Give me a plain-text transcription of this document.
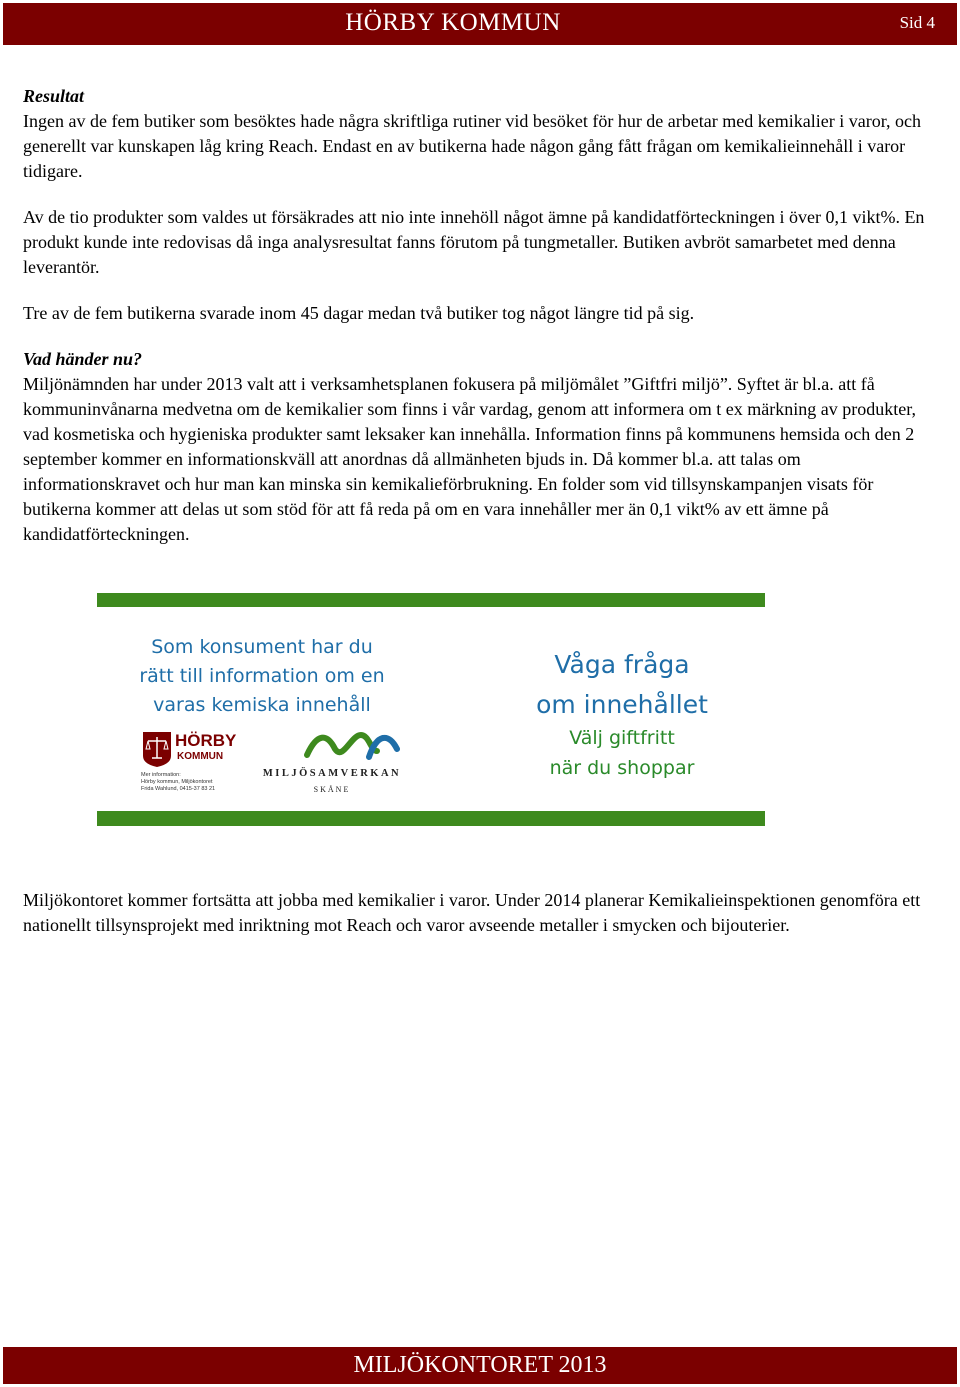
HÖRBY KOMMUN	Sid 4
Resultat

Ingen av de fem butiker som besöktes hade några skriftliga rutiner vid besöket för hur de arbetar med kemikalier i varor, och generellt var kunskapen låg kring Reach. Endast en av butikerna hade någon gång fått frågan om kemikalieinnehåll i varor tidigare.

Av de tio produkter som valdes ut försäkrades att nio inte innehöll något ämne på kandidatförteckningen i över 0,1 vikt%. En produkt kunde inte redovisas då inga analysresultat fanns förutom på tungmetaller. Butiken avbröt samarbetet med denna leverantör.

Tre av de fem butikerna svarade inom 45 dagar medan två butiker tog något längre tid på sig.

Vad händer nu?

Miljönämnden har under 2013 valt att i verksamhetsplanen fokusera på miljömålet ”Giftfri miljö”. Syftet är bl.a. att få kommuninvånarna medvetna om de kemikalier som finns i vår vardag, genom att informera om t ex märkning av produkter, vad kosmetiska och hygieniska produkter samt leksaker kan innehålla. Information finns på kommunens hemsida och den 2 september kommer en informationskväll att anordnas då allmänheten bjuds in. Då kommer bl.a. att talas om informationskravet och hur man kan minska sin kemikalieförbrukning. En folder som vid tillsynskampanjen visats för butikerna kommer att delas ut som stöd för att få reda på om en vara innehåller mer än 0,1 vikt% av ett ämne på kandidatförteckningen.

Som konsument har du
rätt till information om en
varas kemiska innehåll
HÖRBY
KOMMUN
Mer information:
Hörby kommun, Miljökontoret
Frida Wahlund, 0415-37 83 21
MILJÖSAMVERKAN
SKÅNE
Våga fråga
om innehållet
Välj giftfritt
när du shoppar

Miljökontoret kommer fortsätta att jobba med kemikalier i varor. Under 2014 planerar Kemikalieinspektionen genomföra ett nationellt tillsynsprojekt med inriktning mot Reach och varor avseende metaller i smycken och bijouterier.

MILJÖKONTORET 2013
